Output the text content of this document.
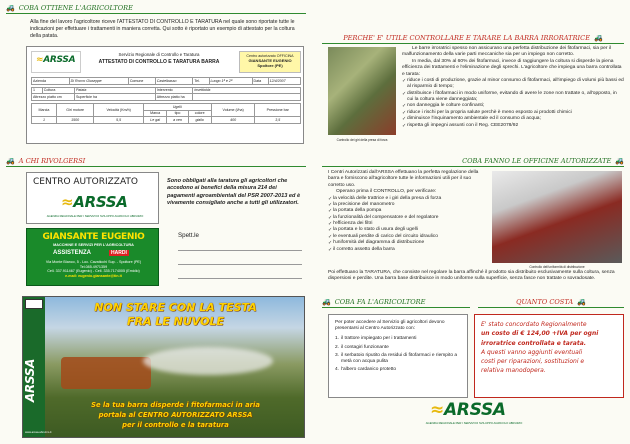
🚜 COBA OTTIENE L'AGRICOLTORE
Alla fine del lavoro l'agricoltore riceve l'ATTESTATO DI CONTROLLO E TARATURA nel quale sono riportate tutte le indicazioni per effettuare i trattamenti in maniera corretta. Qui sotto è riportato un esempio di attestato per la coltura della patata.
≈ARSSA
Servizio Regionale di Controllo e Taratura
ATTESTATO DI CONTROLLO E TARATURA BARRA
Centro autorizzato OFFICINA
GIANSANTE EUGENIO
Spoltore (PE)
Azienda	Di Rocco Giuseppe	Comune	Castelbasso	Tel.	Luogo 1ª e 2ª	Data	12/4/2007
1	Coltura	Patata	Intervento	insetticida
Attrezzo piatto cm		Superficie ha	Attrezzo piatto ha	
Marcia	Giri motore	Velocità (Km/h)	Ugelli			Volume (l/ha)	Pressione bar
			Marca	tipo	colore		
1	1500	5,5	Le gal	a ven	giallo	400	3,5
🚜 A CHI RIVOLGERSI
CENTRO AUTORIZZATO
≈ARSSA
AGENZIA REGIONALE PER I SERVIZI DI SVILUPPO AGRICOLO ABRUZZO
Sono obbligati alla taratura gli agricoltori che accedono ai benefici della misura 214 dei pagamenti agroambientali del PSR 2007-2013 ed è vivamente consigliato anche a tutti gli utilizzatori.
GIANSANTE EUGENIO
MACCHINE E SERVIZI PER L'AGRICOLTURA
ASSISTENZA	HARDI
Via Monte Bianco, 5 - Loc. Cavaticchi Sup. - Spoltore (PE)
Tel.085.4971359
Cell. 337.911467 (Eugenio) - Cell. 335.7174005 (Emidio)
e-mail: eugenio.giansante@tin.it
Spett.le
ARSSA
www.arssa.abruzzo.it
NON STARE CON LA TESTA
FRA LE NUVOLE
Se la tua barra disperde i fitofarmaci in aria
portala al CENTRO AUTORIZZATO ARSSA
per il controllo e la taratura
PERCHE' E' UTILE CONTROLLARE E TARARE LA BARRA IRRORATRICE 🚜
Controllo dei giri della presa di forza

Le barre irroratrici spesso non assicurano una perfetta distribuzione dei fitofarmaci, sia per il malfunzionamento della varie parti meccaniche sia per un impiego non corretto.

In media, dal 30% al 60% dei fitofarmaci, invece di raggiungere la coltura si disperde la piena efficienza dei trattamenti e l'eliminazione degli sprechi. L'agricoltore che impiega una barra controllata e tarata:

✓ riduce i costi di produzione, grazie al minor consumo di fitofarmaci, all'impiego di volumi più bassi ed al risparmio di tempo;
✓ distribuisce i fitofarmaci in modo uniforme, evitando di avere le zone non trattate o, all'opposto, in cui la coltura viene danneggiata;
✓ non danneggia le colture confinanti;
✓ riduce i rischi per la propria salute perchè è meno esposto ai prodotti chimici
✓ diminuisce l'inquinamento ambientale ed il consumo di acqua;
✓ rispetta gli impegni assunti con il Reg. CEE2078/92
COBA FANNO LE OFFICINE AUTORIZZATE 🚜

I Centri Autorizzati dall'ARSSA effettuano la perfetta regolazione della barra e forniscono all'agricoltore tutte le informazioni utili per il suo corretto uso.

Operano prima il CONTROLLO, per verificare:

✓ la velocità delle trattrice e i giri della presa di forza
✓ la precisione del manometro
✓ la portata della pompa
✓ la funzionalità del compensatore e del regolatore
✓ l'efficienza dei filtri
✓ la portata e lo stato di usura degli ugelli
✓ le eventuali perdite di carico del circuito idraulico
✓ l'uniformità del diagramma di distribuzione
✓ il corretto assetto della barra
Controllo dell'uniformità di distribuzione
Poi effettuano la TARATURA, che consiste nel regolare la barra affinché il prodotto sia distribuito esclusivamente sulla coltura, senza dispersioni e perdite. Una barra base distribuisce in modo uniforme sulla superficie, senza fasce non trattate o sovradosate.
🚜 COBA FA L'AGRICOLTORE	QUANTO COSTA 🚜

Per poter accedere al Servizio gli agricoltori devono presentarsi al Centro Autorizzato con:

1. il trattore impiegato per i trattamenti
2. il contagiri funzionante
3. il serbatoio riputito da residui di fitofarmaci e riempito a metà con acqua pulita
4. l'albero cardanico protetto
E' stato concordato Regionalmente
un costo di € 124,00 +IVA per ogni
irroratrice controllata e tarata.
A questi vanno aggiunti eventuali
costi per riparazioni, sostituzioni e
relativa manodopera.
≈ARSSA
AGENZIA REGIONALE PER I SERVIZI DI SVILUPPO AGRICOLO ABRUZZO
